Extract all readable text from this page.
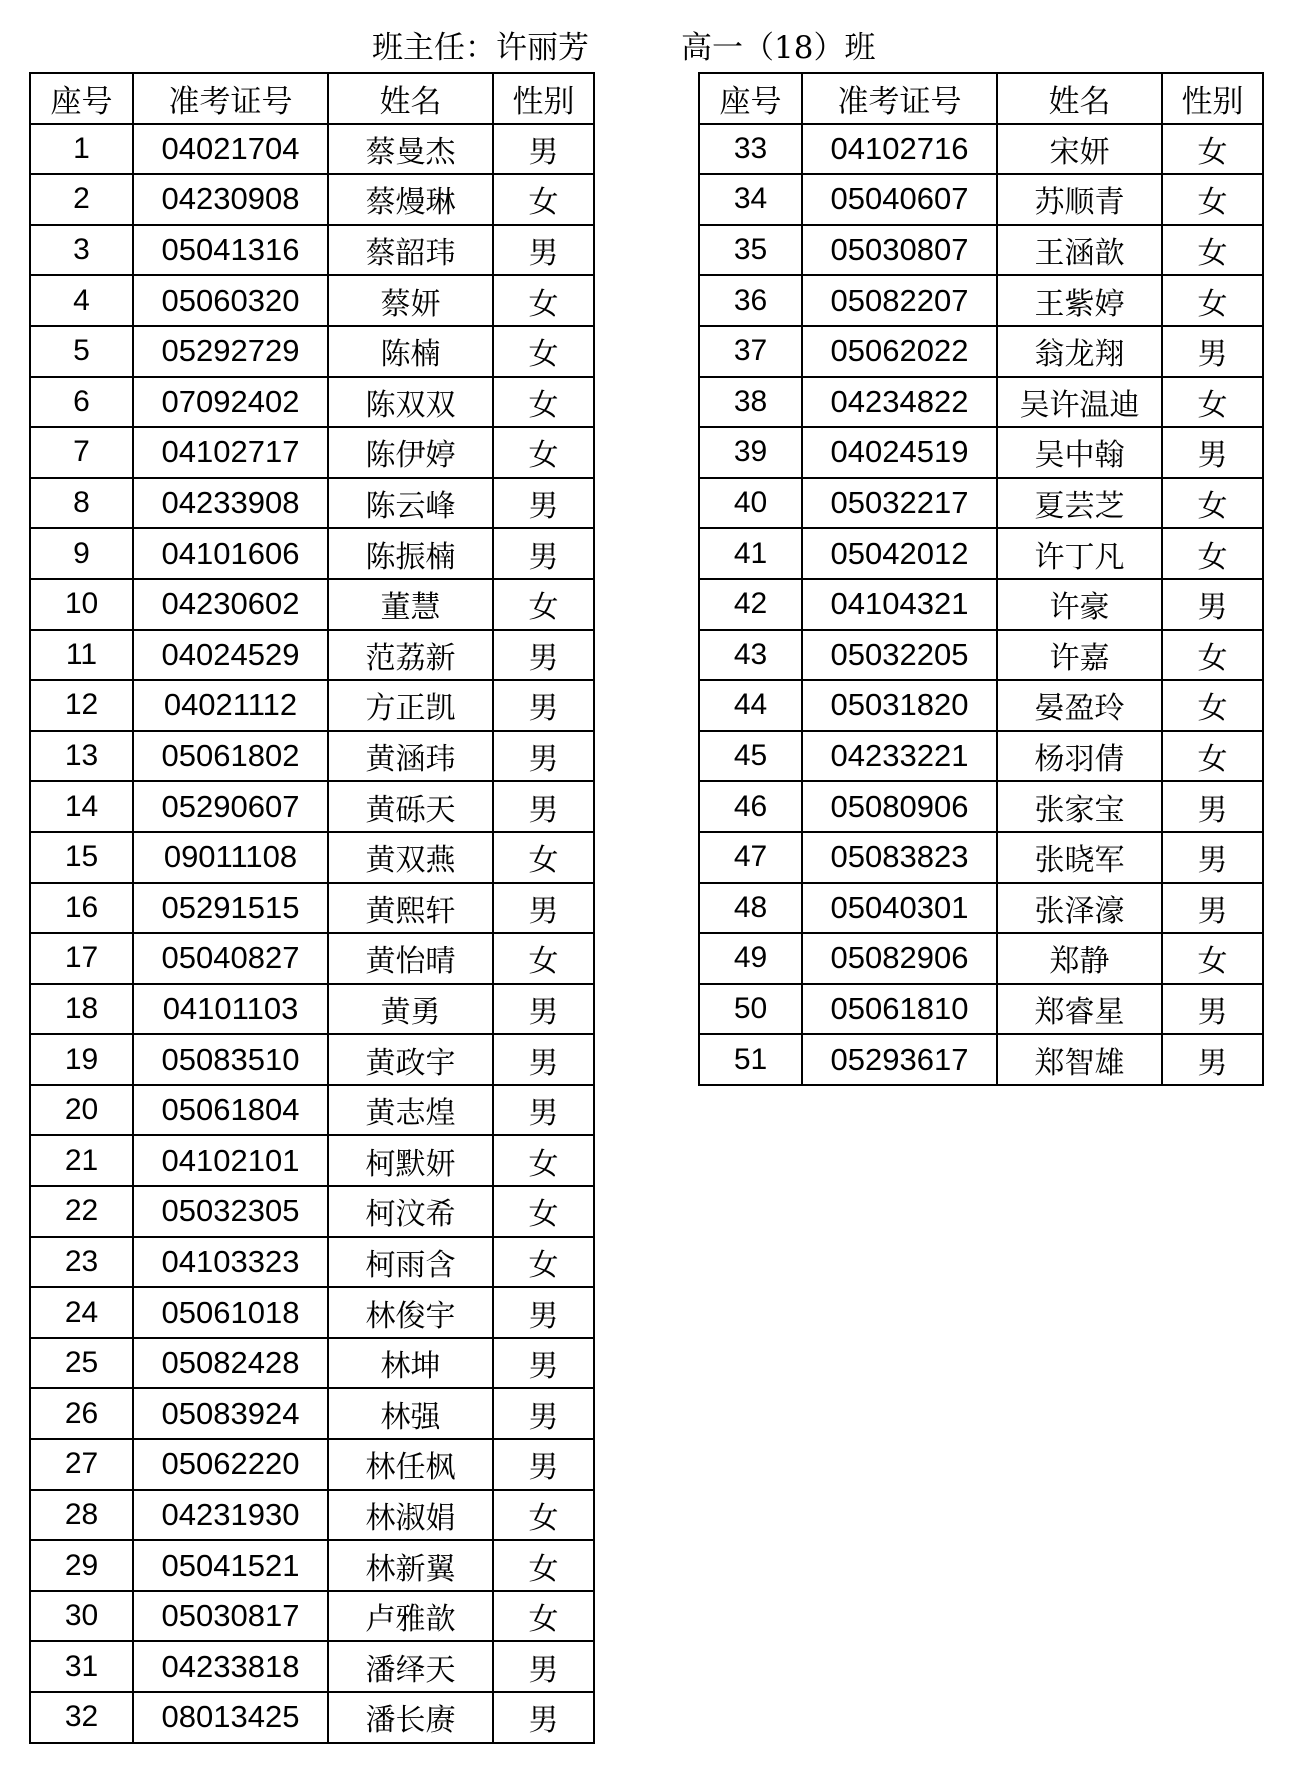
班主任：许丽芳	高一（18）班
座号	准考证号	姓名	性别
1	04021704	蔡曼杰	男
2	04230908	蔡熳琳	女
3	05041316	蔡韶玮	男
4	05060320	蔡妍	女
5	05292729	陈楠	女
6	07092402	陈双双	女
7	04102717	陈伊婷	女
8	04233908	陈云峰	男
9	04101606	陈振楠	男
10	04230602	董慧	女
11	04024529	范荔新	男
12	04021112	方正凯	男
13	05061802	黄涵玮	男
14	05290607	黄砾天	男
15	09011108	黄双燕	女
16	05291515	黄熙轩	男
17	05040827	黄怡晴	女
18	04101103	黄勇	男
19	05083510	黄政宇	男
20	05061804	黄志煌	男
21	04102101	柯默妍	女
22	05032305	柯汶希	女
23	04103323	柯雨含	女
24	05061018	林俊宇	男
25	05082428	林坤	男
26	05083924	林强	男
27	05062220	林任枫	男
28	04231930	林淑娟	女
29	05041521	林新翼	女
30	05030817	卢雅歆	女
31	04233818	潘绎天	男
32	08013425	潘长赓	男
座号	准考证号	姓名	性别
33	04102716	宋妍	女
34	05040607	苏顺青	女
35	05030807	王涵歆	女
36	05082207	王紫婷	女
37	05062022	翁龙翔	男
38	04234822	吴许温迪	女
39	04024519	吴中翰	男
40	05032217	夏芸芝	女
41	05042012	许丁凡	女
42	04104321	许豪	男
43	05032205	许嘉	女
44	05031820	晏盈玲	女
45	04233221	杨羽倩	女
46	05080906	张家宝	男
47	05083823	张晓军	男
48	05040301	张泽濠	男
49	05082906	郑静	女
50	05061810	郑睿星	男
51	05293617	郑智雄	男
